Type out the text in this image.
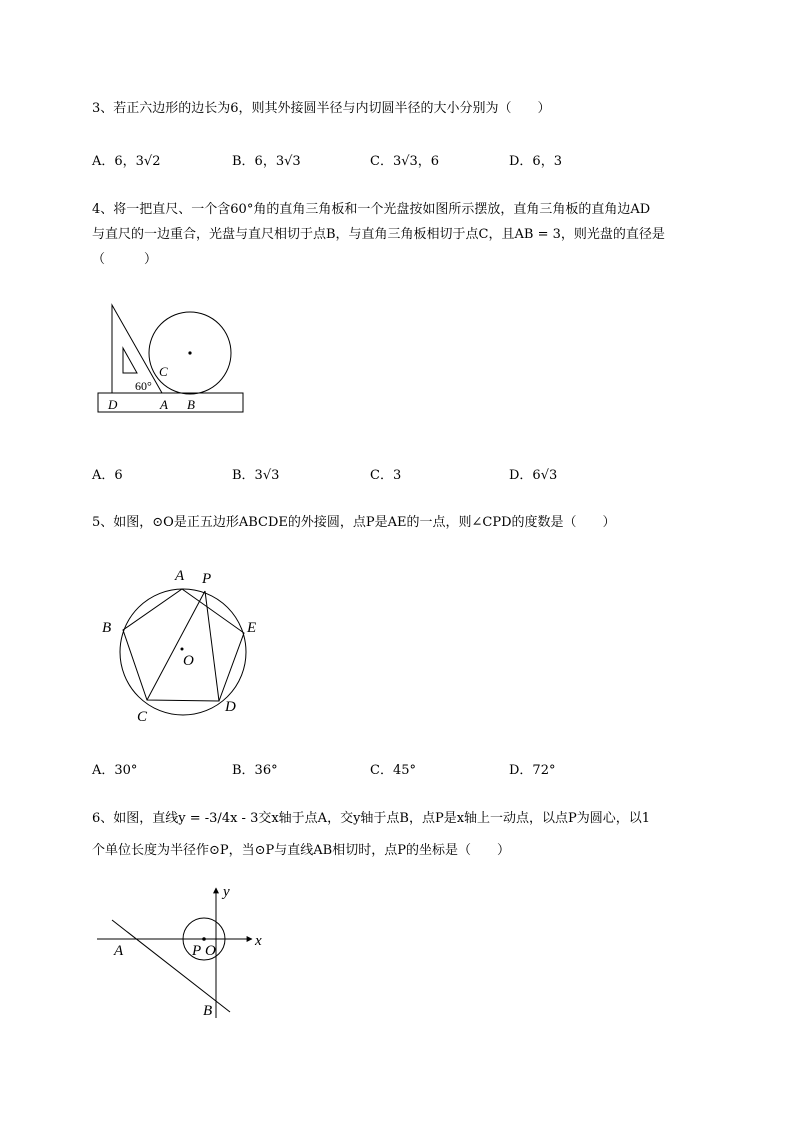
3、若正六边形的边长为6，则其外接圆半径与内切圆半径的大小分别为（　　）
A．6，3√2	B．6，3√3	C．3√3，6	D．6，3
4、将一把直尺、一个含60°角的直角三角板和一个光盘按如图所示摆放，直角三角板的直角边AD
与直尺的一边重合，光盘与直尺相切于点B，与直角三角板相切于点C，且AB = 3，则光盘的直径是
（　　　）
C
60°
D	A B
A．6	B．3√3	C．3	D．6√3
5、如图，⊙O是正五边形ABCDE的外接圆，点P是AE的一点，则∠CPD的度数是（　　）
A P
B	E
O
C
D
A．30°	B．36°	C．45°	D．72°
6、如图，直线y = -3/4x - 3交x轴于点A，交y轴于点B，点P是x轴上一动点，以点P为圆心，以1
个单位长度为半径作⊙P，当⊙P与直线AB相切时，点P的坐标是（　　）
y
x
A	P O
B
